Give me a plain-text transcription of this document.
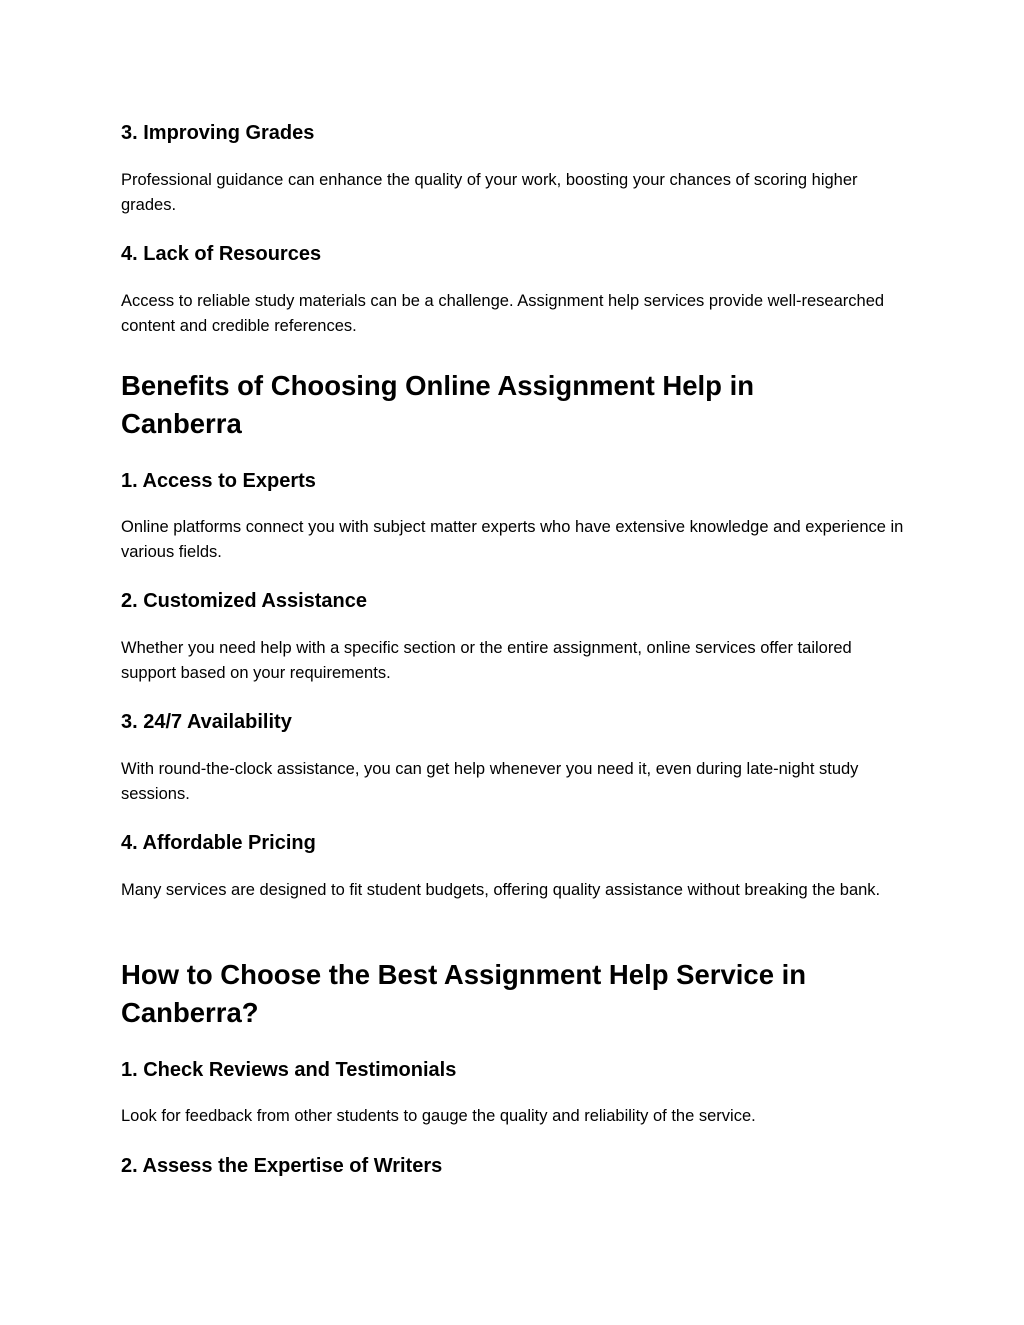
3. Improving Grades

Professional guidance can enhance the quality of your work, boosting your chances of scoring higher grades.

4. Lack of Resources

Access to reliable study materials can be a challenge. Assignment help services provide well-researched content and credible references.

Benefits of Choosing Online Assignment Help in Canberra
1. Access to Experts

Online platforms connect you with subject matter experts who have extensive knowledge and experience in various fields.

2. Customized Assistance

Whether you need help with a specific section or the entire assignment, online services offer tailored support based on your requirements.

3. 24/7 Availability

With round-the-clock assistance, you can get help whenever you need it, even during late-night study sessions.

4. Affordable Pricing

Many services are designed to fit student budgets, offering quality assistance without breaking the bank.

How to Choose the Best Assignment Help Service in Canberra?
1. Check Reviews and Testimonials

Look for feedback from other students to gauge the quality and reliability of the service.

2. Assess the Expertise of Writers
